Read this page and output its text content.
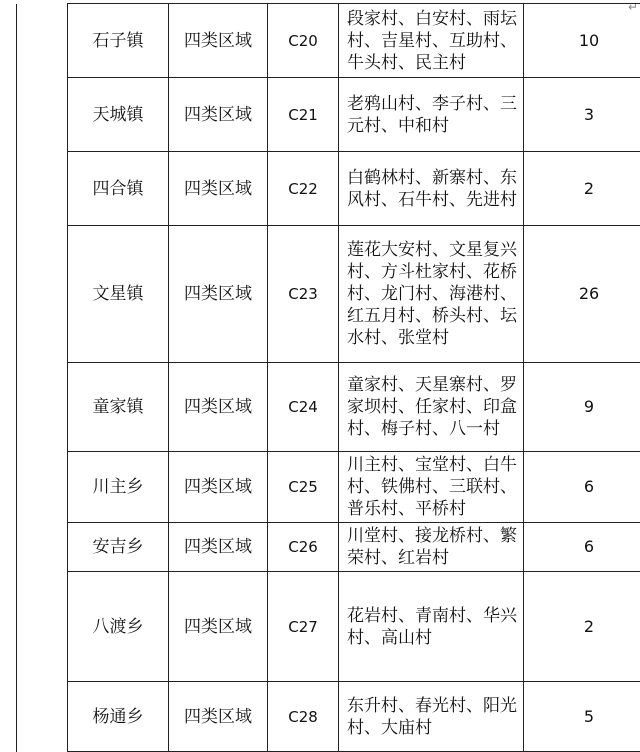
↵
	石子镇	四类区域	C20	段家村、白安村、雨坛村、吉星村、互助村、牛头村、民主村	10
	天城镇	四类区域	C21	老鸦山村、李子村、三元村、中和村	3
	四合镇	四类区域	C22	白鹤林村、新寨村、东风村、石牛村、先进村	2
	文星镇	四类区域	C23	莲花大安村、文星复兴村、方斗杜家村、花桥村、龙门村、海港村、红五月村、桥头村、坛水村、张堂村	26
	童家镇	四类区域	C24	童家村、天星寨村、罗家坝村、任家村、印盒村、梅子村、八一村	9
	川主乡	四类区域	C25	川主村、宝堂村、白牛村、铁佛村、三联村、普乐村、平桥村	6
	安吉乡	四类区域	C26	川堂村、接龙桥村、繁荣村、红岩村	6
	八渡乡	四类区域	C27	花岩村、青南村、华兴村、高山村	2
	杨通乡	四类区域	C28	东升村、春光村、阳光村、大庙村	5
